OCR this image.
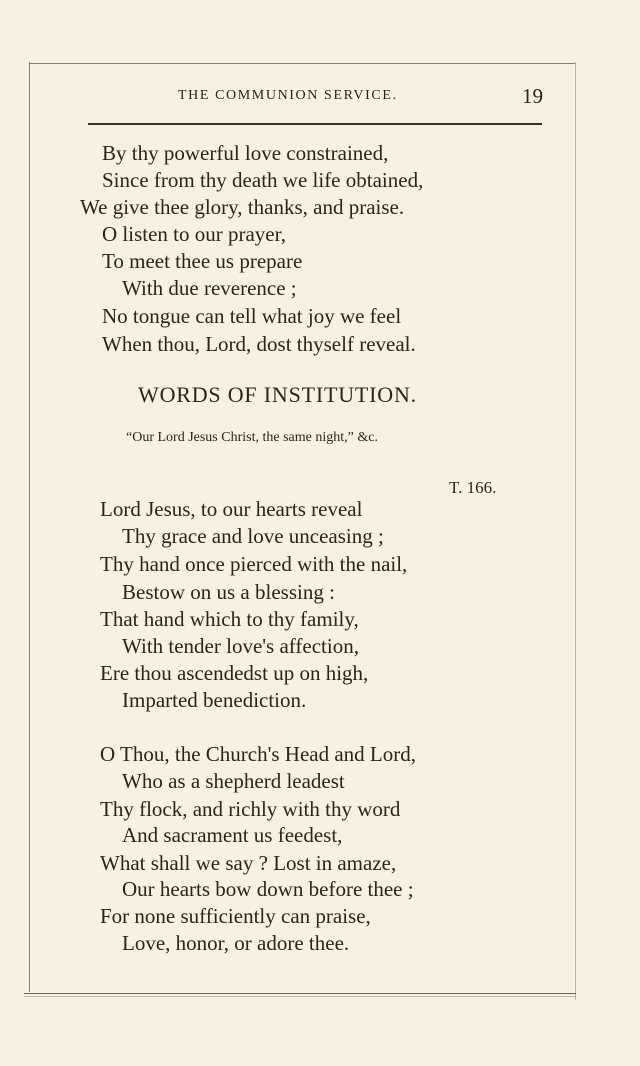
THE COMMUNION SERVICE.	19
By thy powerful love constrained,
Since from thy death we life obtained,
We give thee glory, thanks, and praise.
O listen to our prayer,
To meet thee us prepare
With due reverence ;
No tongue can tell what joy we feel
When thou, Lord, dost thyself reveal.
WORDS OF INSTITUTION.
“Our Lord Jesus Christ, the same night,” &c.
T. 166.
Lord Jesus, to our hearts reveal
Thy grace and love unceasing ;
Thy hand once pierced with the nail,
Bestow on us a blessing :
That hand which to thy family,
With tender love's affection,
Ere thou ascendedst up on high,
Imparted benediction.
O Thou, the Church's Head and Lord,
Who as a shepherd leadest
Thy flock, and richly with thy word
And sacrament us feedest,
What shall we say ? Lost in amaze,
Our hearts bow down before thee ;
For none sufficiently can praise,
Love, honor, or adore thee.
